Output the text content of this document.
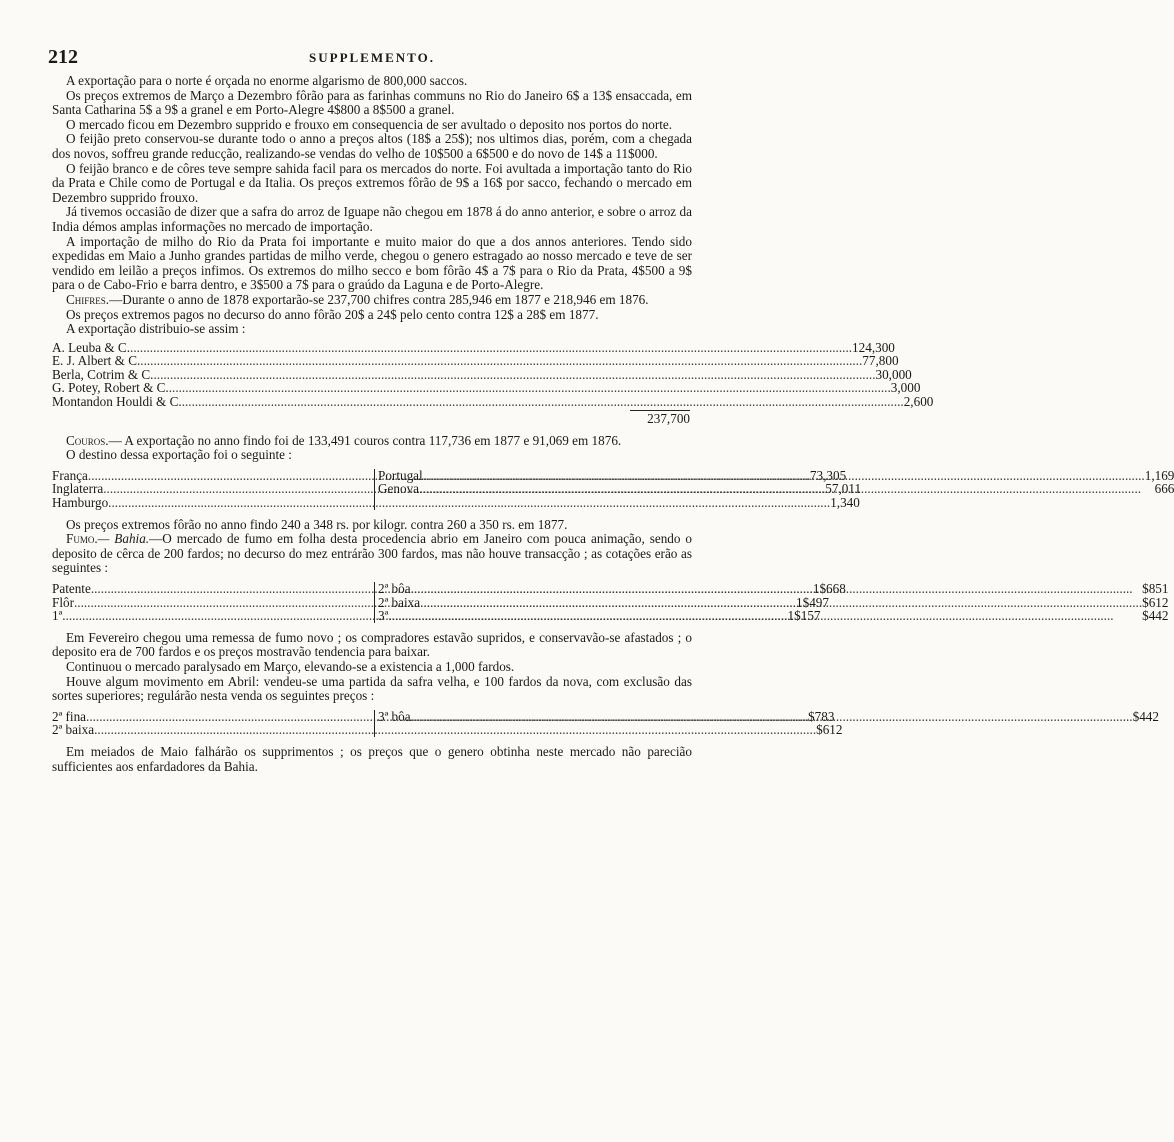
212	SUPPLEMENTO.

A exportação para o norte é orçada no enorme algarismo de 800,000 saccos.

Os preços extremos de Março a Dezembro fôrão para as farinhas communs no Rio do Janeiro 6$ a 13$ ensaccada, em Santa Catharina 5$ a 9$ a granel e em Porto-Alegre 4$800 a 8$500 a granel.

O mercado ficou em Dezembro supprido e frouxo em consequencia de ser avultado o deposito nos portos do norte.

O feijão preto conservou-se durante todo o anno a preços altos (18$ a 25$); nos ultimos dias, porém, com a chegada dos novos, soffreu grande reducção, realizando-se vendas do velho de 10$500 a 6$500 e do novo de 14$ a 11$000.

O feijão branco e de côres teve sempre sahida facil para os mercados do norte. Foi avultada a importação tanto do Rio da Prata e Chile como de Portugal e da Italia. Os preços extremos fôrão de 9$ a 16$ por sacco, fechando o mercado em Dezembro supprido frouxo.

Já tivemos occasião de dizer que a safra do arroz de Iguape não chegou em 1878 á do anno anterior, e sobre o arroz da India démos amplas informações no mercado de importação.

A importação de milho do Rio da Prata foi importante e muito maior do que a dos annos anteriores. Tendo sido expedidas em Maio a Junho grandes partidas de milho verde, chegou o genero estragado ao nosso mercado e teve de ser vendido em leilão a preços infimos. Os extremos do milho secco e bom fôrão 4$ a 7$ para o Rio da Prata, 4$500 a 9$ para o de Cabo-Frio e barra dentro, e 3$500 a 7$ para o graúdo da Laguna e de Porto-Alegre.

Chifres.—Durante o anno de 1878 exportarão-se 237,700 chifres contra 285,946 em 1877 e 218,946 em 1876.

Os preços extremos pagos no decurso do anno fôrão 20$ a 24$ pelo cento contra 12$ a 28$ em 1877.

A exportação distribuio-se assim :

A. Leuba & C. .....	124,300
E. J. Albert & C. .....	77,800
Berla, Cotrim & C. .....	30,000
G. Potey, Robert & C. .....	3,000
Montandon Houldi & C. .....	2,600
237,700

Couros.— A exportação no anno findo foi de 133,491 couros contra 117,736 em 1877 e 91,069 em 1876.

O destino dessa exportação foi o seguinte :

França .....	73,305
Inglaterra .....	57,011
Hamburgo .....	1,340
Portugal .....	1,169
Genova .....	666

Os preços extremos fôrão no anno findo 240 a 348 rs. por kilogr. contra 260 a 350 rs. em 1877.

Fumo.— Bahia.—O mercado de fumo em folha desta procedencia abrio em Janeiro com pouca animação, sendo o deposito de cêrca de 200 fardos; no decurso do mez entrárão 300 fardos, mas não houve transacção ; as cotações erão as seguintes :

Patente .....	1$668
Flôr .....	1$497
1ª. .....	1$157
2ª bôa .....	$851
2ª baixa .....	$612
3ª. .....	$442

Em Fevereiro chegou uma remessa de fumo novo ; os compradores estavão supridos, e conservavão-se afastados ; o deposito era de 700 fardos e os preços mostravão tendencia para baixar.

Continuou o mercado paralysado em Março, elevando-se a existencia a 1,000 fardos.

Houve algum movimento em Abril: vendeu-se uma partida da safra velha, e 100 fardos da nova, com exclusão das sortes superiores; regulárão nesta venda os seguintes preços :

2ª fina .....	$783
2ª baixa .....	$612
3ª bôa .....	$442

Em meiados de Maio falhárão os supprimentos ; os preços que o genero obtinha neste mercado não parecião sufficientes aos enfardadores da Bahia.
